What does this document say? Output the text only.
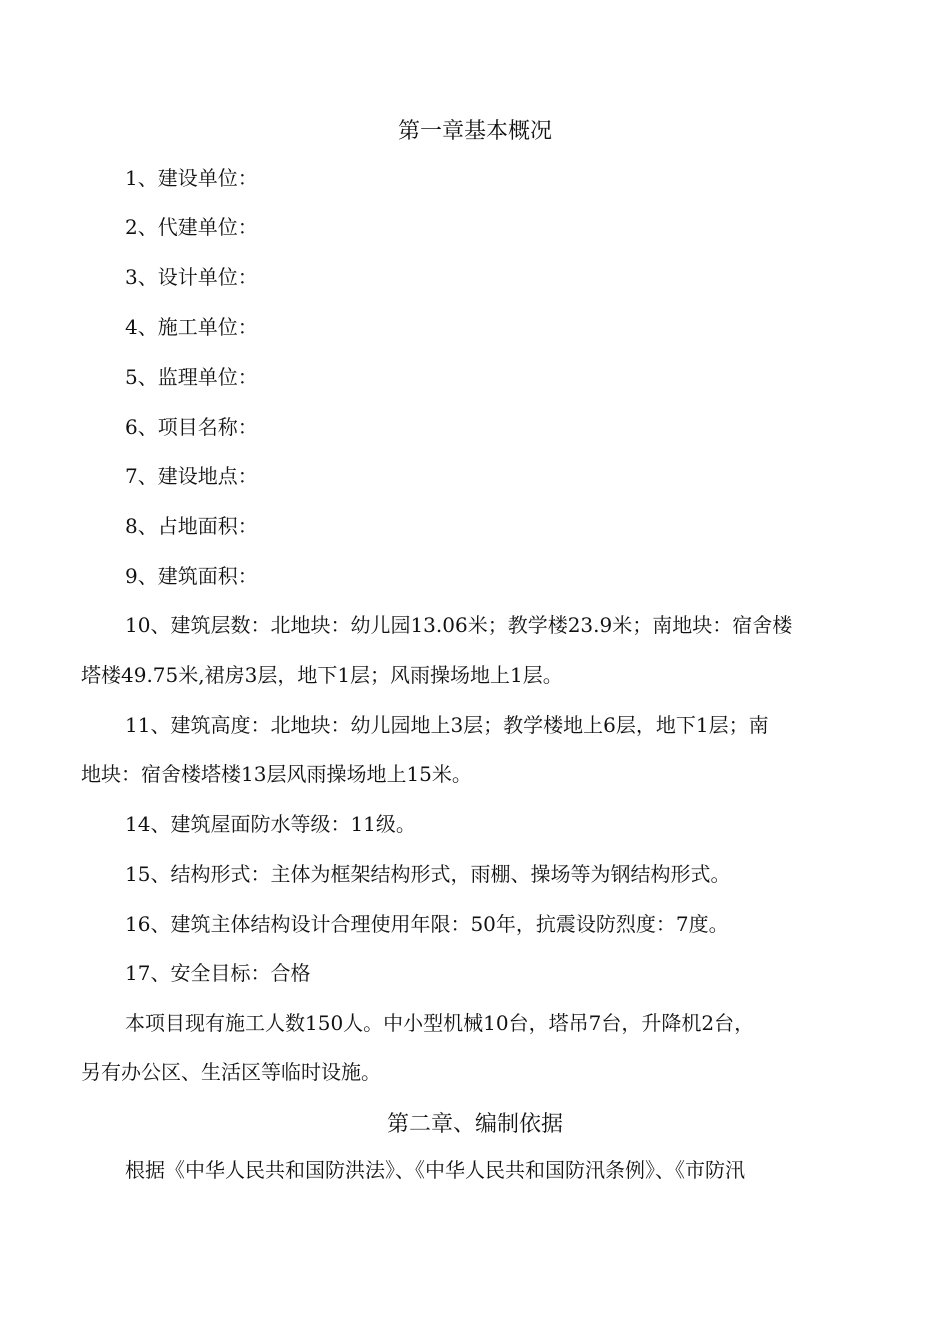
第一章基本概况

1、建设单位：

2、代建单位：

3、设计单位：

4、施工单位：

5、监理单位：

6、项目名称：

7、建设地点：

8、占地面积：

9、建筑面积：

10、建筑层数：北地块：幼儿园13.06米；教学楼23.9米；南地块：宿舍楼

塔楼49.75米,裙房3层，地下1层；风雨操场地上1层。

11、建筑高度：北地块：幼儿园地上3层；教学楼地上6层，地下1层；南

地块：宿舍楼塔楼13层风雨操场地上15米。

14、建筑屋面防水等级：11级。

15、结构形式：主体为框架结构形式，雨棚、操场等为钢结构形式。

16、建筑主体结构设计合理使用年限：50年，抗震设防烈度：7度。

17、安全目标：合格

本项目现有施工人数150人。中小型机械10台，塔吊7台，升降机2台，

另有办公区、生活区等临时设施。

第二章、编制依据

根据《中华人民共和国防洪法》、《中华人民共和国防汛条例》、《市防汛
